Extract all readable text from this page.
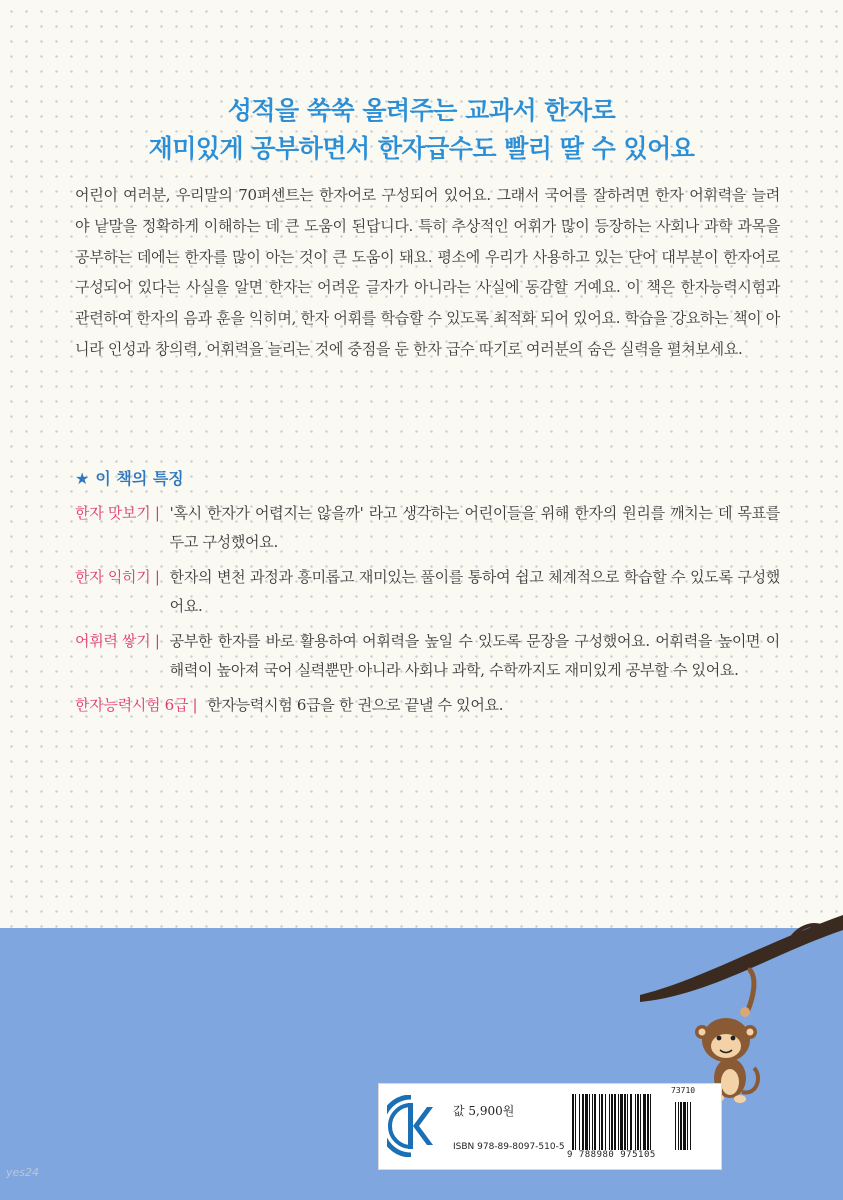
성적을 쑥쑥 올려주는 교과서 한자로
재미있게 공부하면서 한자급수도 빨리 딸 수 있어요
어린이 여러분, 우리말의 70퍼센트는 한자어로 구성되어 있어요. 그래서 국어를 잘하려면 한자 어휘력을 늘려야 낱말을 정확하게 이해하는 데 큰 도움이 된답니다. 특히 추상적인 어휘가 많이 등장하는 사회나 과학 과목을 공부하는 데에는 한자를 많이 아는 것이 큰 도움이 돼요. 평소에 우리가 사용하고 있는 단어 대부분이 한자어로 구성되어 있다는 사실을 알면 한자는 어려운 글자가 아니라는 사실에 동감할 거예요. 이 책은 한자능력시험과 관련하여 한자의 음과 훈을 익히며, 한자 어휘를 학습할 수 있도록 최적화 되어 있어요. 학습을 강요하는 책이 아니라 인성과 창의력, 어휘력을 늘리는 것에 중점을 둔 한자 급수 따기로 여러분의 숨은 실력을 펼쳐보세요.
★ 이 책의 특징
한자 맛보기 | '혹시 한자가 어렵지는 않을까' 라고 생각하는 어린이들을 위해 한자의 원리를 깨치는 데 목표를 두고 구성했어요.
한자 익히기 | 한자의 변천 과정과 흥미롭고 재미있는 풀이를 통하여 쉽고 체계적으로 학습할 수 있도록 구성했어요.
어휘력 쌓기 | 공부한 한자를 바로 활용하여 어휘력을 높일 수 있도록 문장을 구성했어요. 어휘력을 높이면 이해력이 높아져 국어 실력뿐만 아니라 사회나 과학, 수학까지도 재미있게 공부할 수 있어요.
한자능력시험 6급 | 한자능력시험 6급을 한 권으로 끝낼 수 있어요.
값 5,900원
ISBN 978-89-8097-510-5
73710
9 788980 975105
yes24
